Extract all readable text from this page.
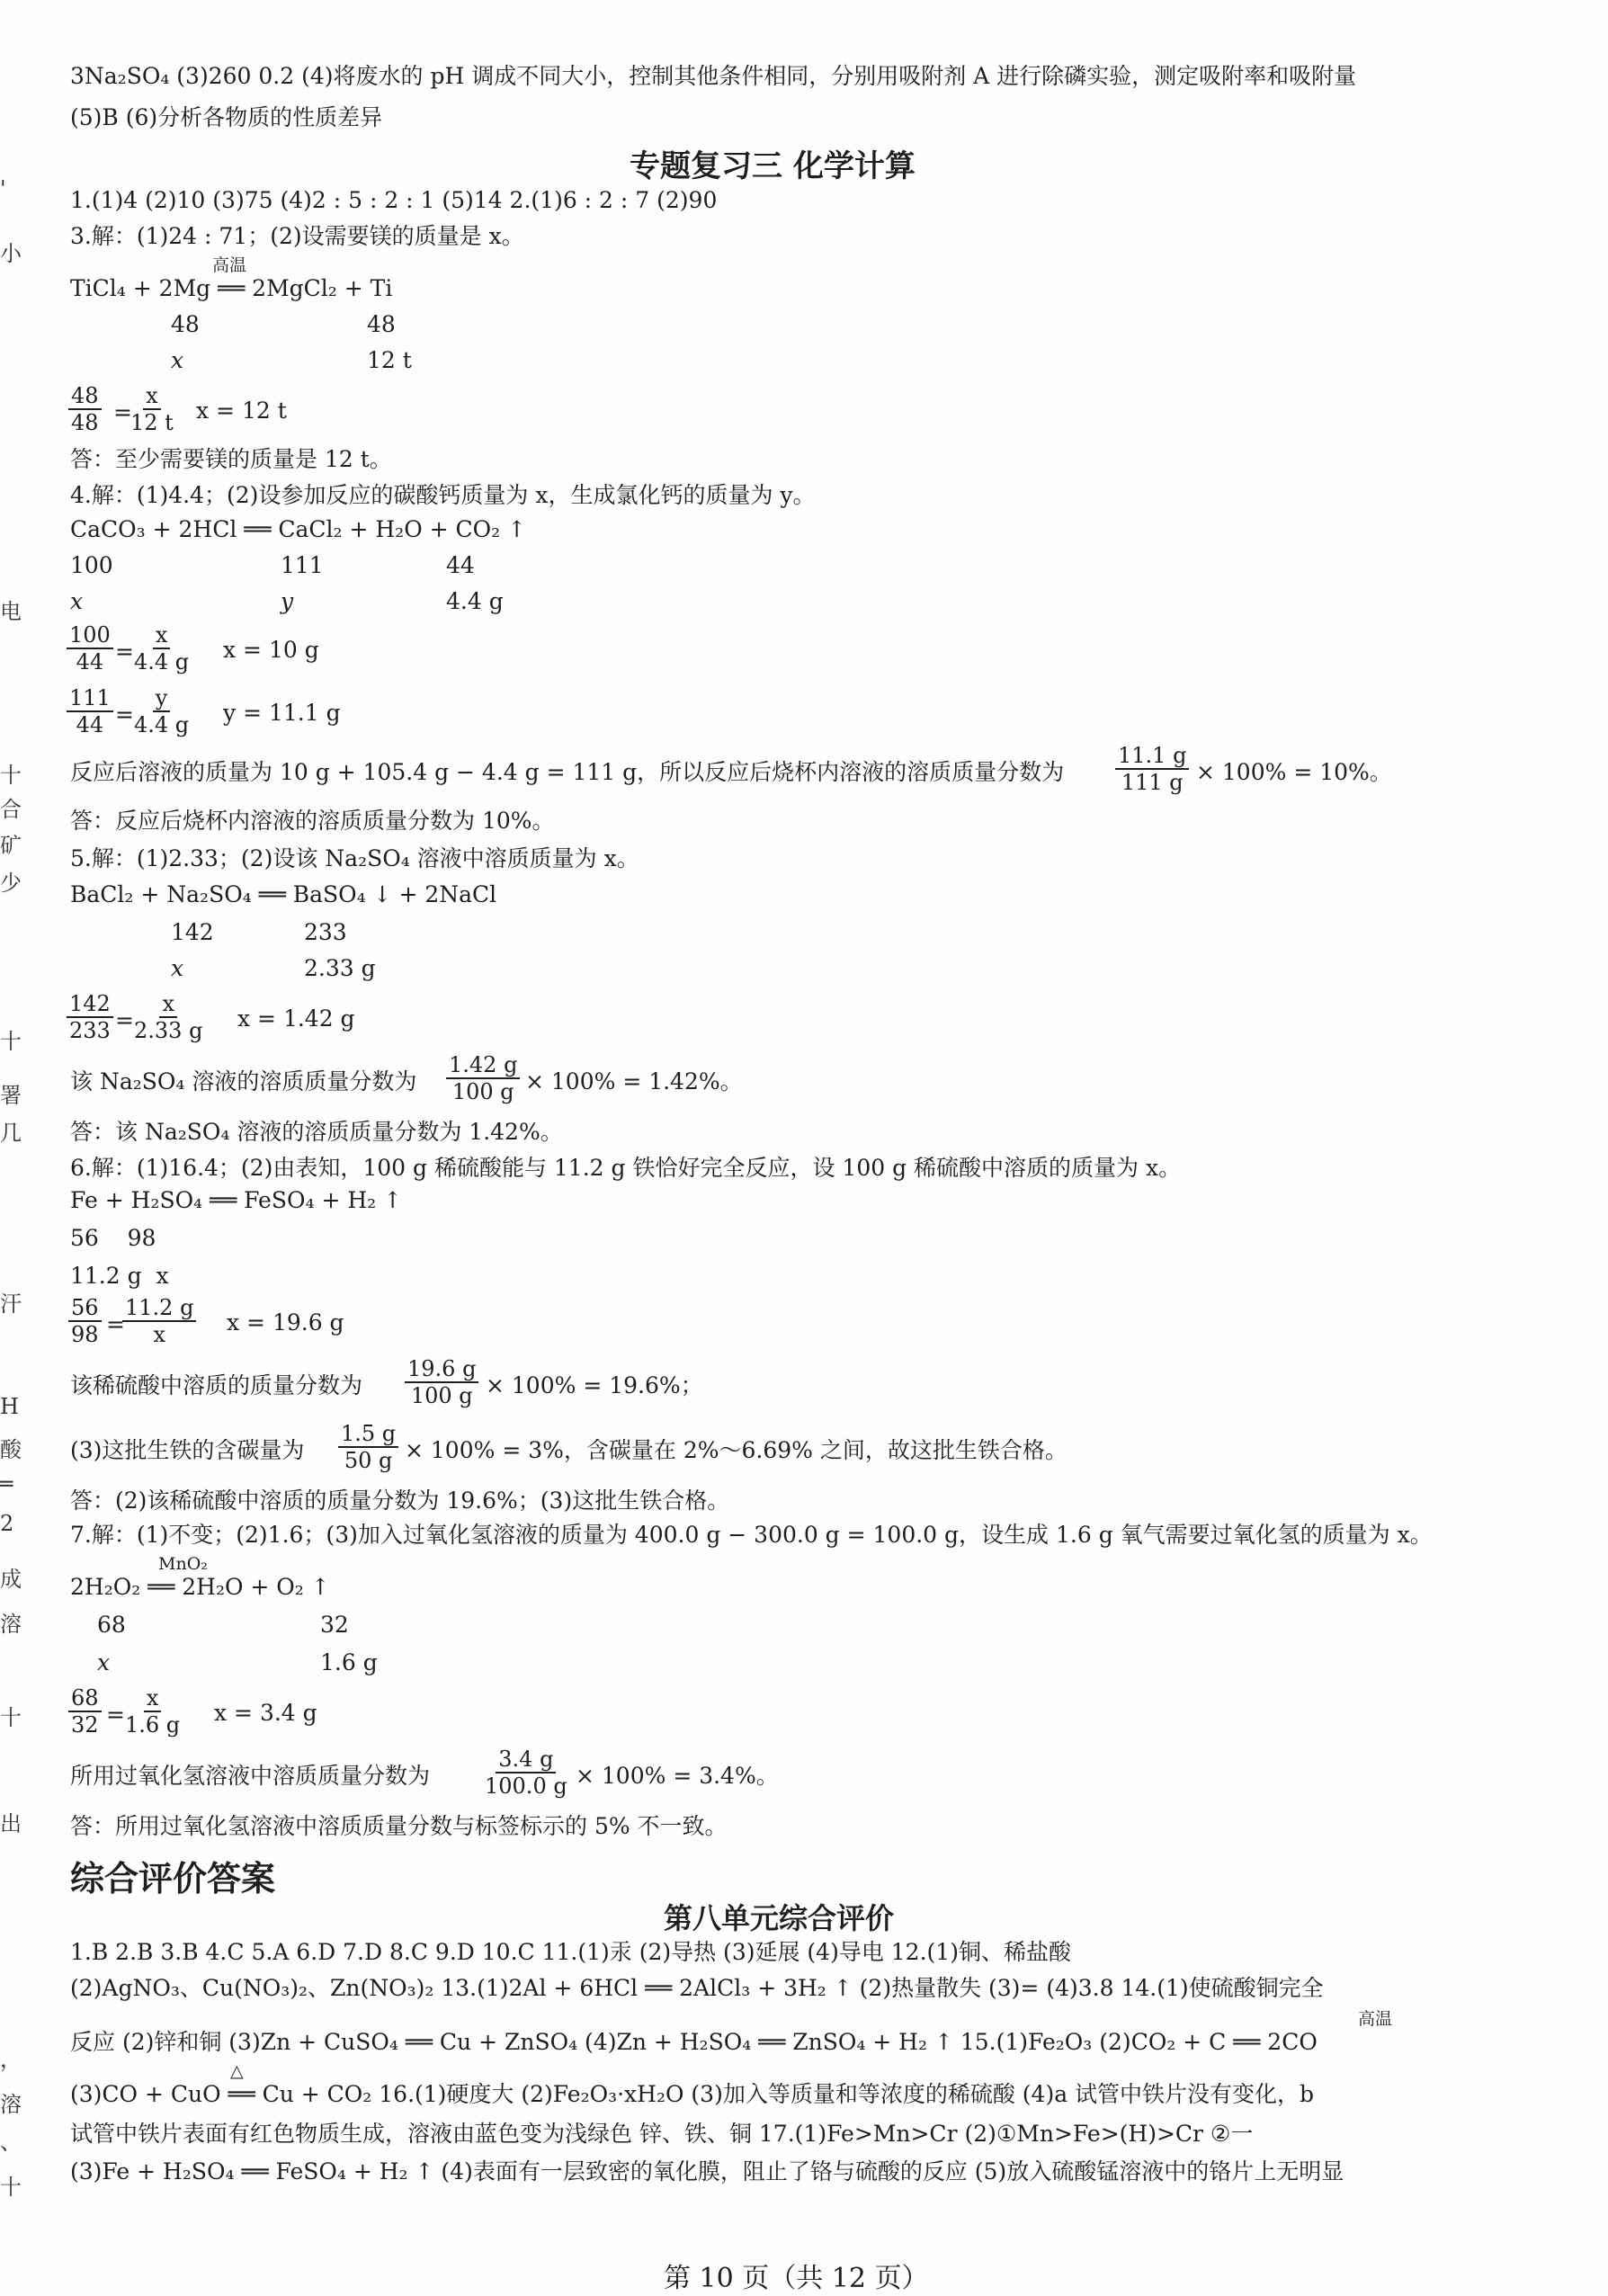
'
小
电
十
合
矿
少
十
署
几
汗
H
酸
═
2
成
溶
十
出
，
溶
、
十
3Na₂SO₄ (3)260 0.2 (4)将废水的 pH 调成不同大小，控制其他条件相同，分别用吸附剂 A 进行除磷实验，测定吸附率和吸附量
(5)B (6)分析各物质的性质差异
专题复习三 化学计算
1.(1)4 (2)10 (3)75 (4)2 : 5 : 2 : 1 (5)14 2.(1)6 : 2 : 7 (2)90
3.解：(1)24 : 71；(2)设需要镁的质量是 x。
高温
TiCl₄ + 2Mg ══ 2MgCl₂ + Ti
48	48
x	12 t
$\frac{48}{48}$ =
$\frac{x}{12 t}$ x = 12 t
答：至少需要镁的质量是 12 t。
4.解：(1)4.4；(2)设参加反应的碳酸钙质量为 x，生成氯化钙的质量为 y。
CaCO₃ + 2HCl ══ CaCl₂ + H₂O + CO₂ ↑
100	111	44
x	y	4.4 g
$\frac{100}{44}$ =
$\frac{x}{4.4 g}$ x = 10 g
$\frac{111}{44}$ =
$\frac{y}{4.4 g}$ y = 11.1 g
反应后溶液的质量为 10 g + 105.4 g − 4.4 g = 111 g，所以反应后烧杯内溶液的溶质质量分数为 $\frac{11.1 g}{111 g} \times 100\% = 10\%$。
答：反应后烧杯内溶液的溶质质量分数为 10%。
5.解：(1)2.33；(2)设该 Na₂SO₄ 溶液中溶质质量为 x。
BaCl₂ + Na₂SO₄ ══ BaSO₄ ↓ + 2NaCl
142	233
x	2.33 g
$\frac{142}{233}$ =
$\frac{x}{2.33 g}$ x = 1.42 g
该 Na₂SO₄ 溶液的溶质质量分数为 $\frac{1.42 g}{100 g} \times 100\% = 1.42\%$。
答：该 Na₂SO₄ 溶液的溶质质量分数为 1.42%。
6.解：(1)16.4；(2)由表知，100 g 稀硫酸能与 11.2 g 铁恰好完全反应，设 100 g 稀硫酸中溶质的质量为 x。
Fe + H₂SO₄ ══ FeSO₄ + H₂ ↑
56    98
11.2 g  x
$\frac{56}{98}$ =
$\frac{11.2 g}{x}$ x = 19.6 g
该稀硫酸中溶质的质量分数为 $\frac{19.6 g}{100 g} \times 100\% = 19.6\%$；
(3)这批生铁的含碳量为 $\frac{1.5 g}{50 g} \times 100\% = 3\%$，含碳量在 2%～6.69% 之间，故这批生铁合格。
答：(2)该稀硫酸中溶质的质量分数为 19.6%；(3)这批生铁合格。
7.解：(1)不变；(2)1.6；(3)加入过氧化氢溶液的质量为 400.0 g − 300.0 g = 100.0 g，设生成 1.6 g 氧气需要过氧化氢的质量为 x。
MnO₂
2H₂O₂ ══ 2H₂O + O₂ ↑
68	32
x	1.6 g
$\frac{68}{32}$ =
$\frac{x}{1.6 g}$ x = 3.4 g
所用过氧化氢溶液中溶质质量分数为 $\frac{3.4 g}{100.0 g} \times 100\% = 3.4\%$。
答：所用过氧化氢溶液中溶质质量分数与标签标示的 5% 不一致。
综合评价答案
第八单元综合评价
1.B 2.B 3.B 4.C 5.A 6.D 7.D 8.C 9.D 10.C 11.(1)汞 (2)导热 (3)延展 (4)导电 12.(1)铜、稀盐酸
(2)AgNO₃、Cu(NO₃)₂、Zn(NO₃)₂ 13.(1)2Al + 6HCl ══ 2AlCl₃ + 3H₂ ↑ (2)热量散失 (3)= (4)3.8 14.(1)使硫酸铜完全
高温
反应 (2)锌和铜 (3)Zn + CuSO₄ ══ Cu + ZnSO₄ (4)Zn + H₂SO₄ ══ ZnSO₄ + H₂ ↑ 15.(1)Fe₂O₃ (2)CO₂ + C ══ 2CO
△
(3)CO + CuO ══ Cu + CO₂ 16.(1)硬度大 (2)Fe₂O₃·xH₂O (3)加入等质量和等浓度的稀硫酸 (4)a 试管中铁片没有变化，b
试管中铁片表面有红色物质生成，溶液由蓝色变为浅绿色 锌、铁、铜 17.(1)Fe>Mn>Cr (2)①Mn>Fe>(H)>Cr ②一
(3)Fe + H₂SO₄ ══ FeSO₄ + H₂ ↑ (4)表面有一层致密的氧化膜，阻止了铬与硫酸的反应 (5)放入硫酸锰溶液中的铬片上无明显
第 10 页（共 12 页）
